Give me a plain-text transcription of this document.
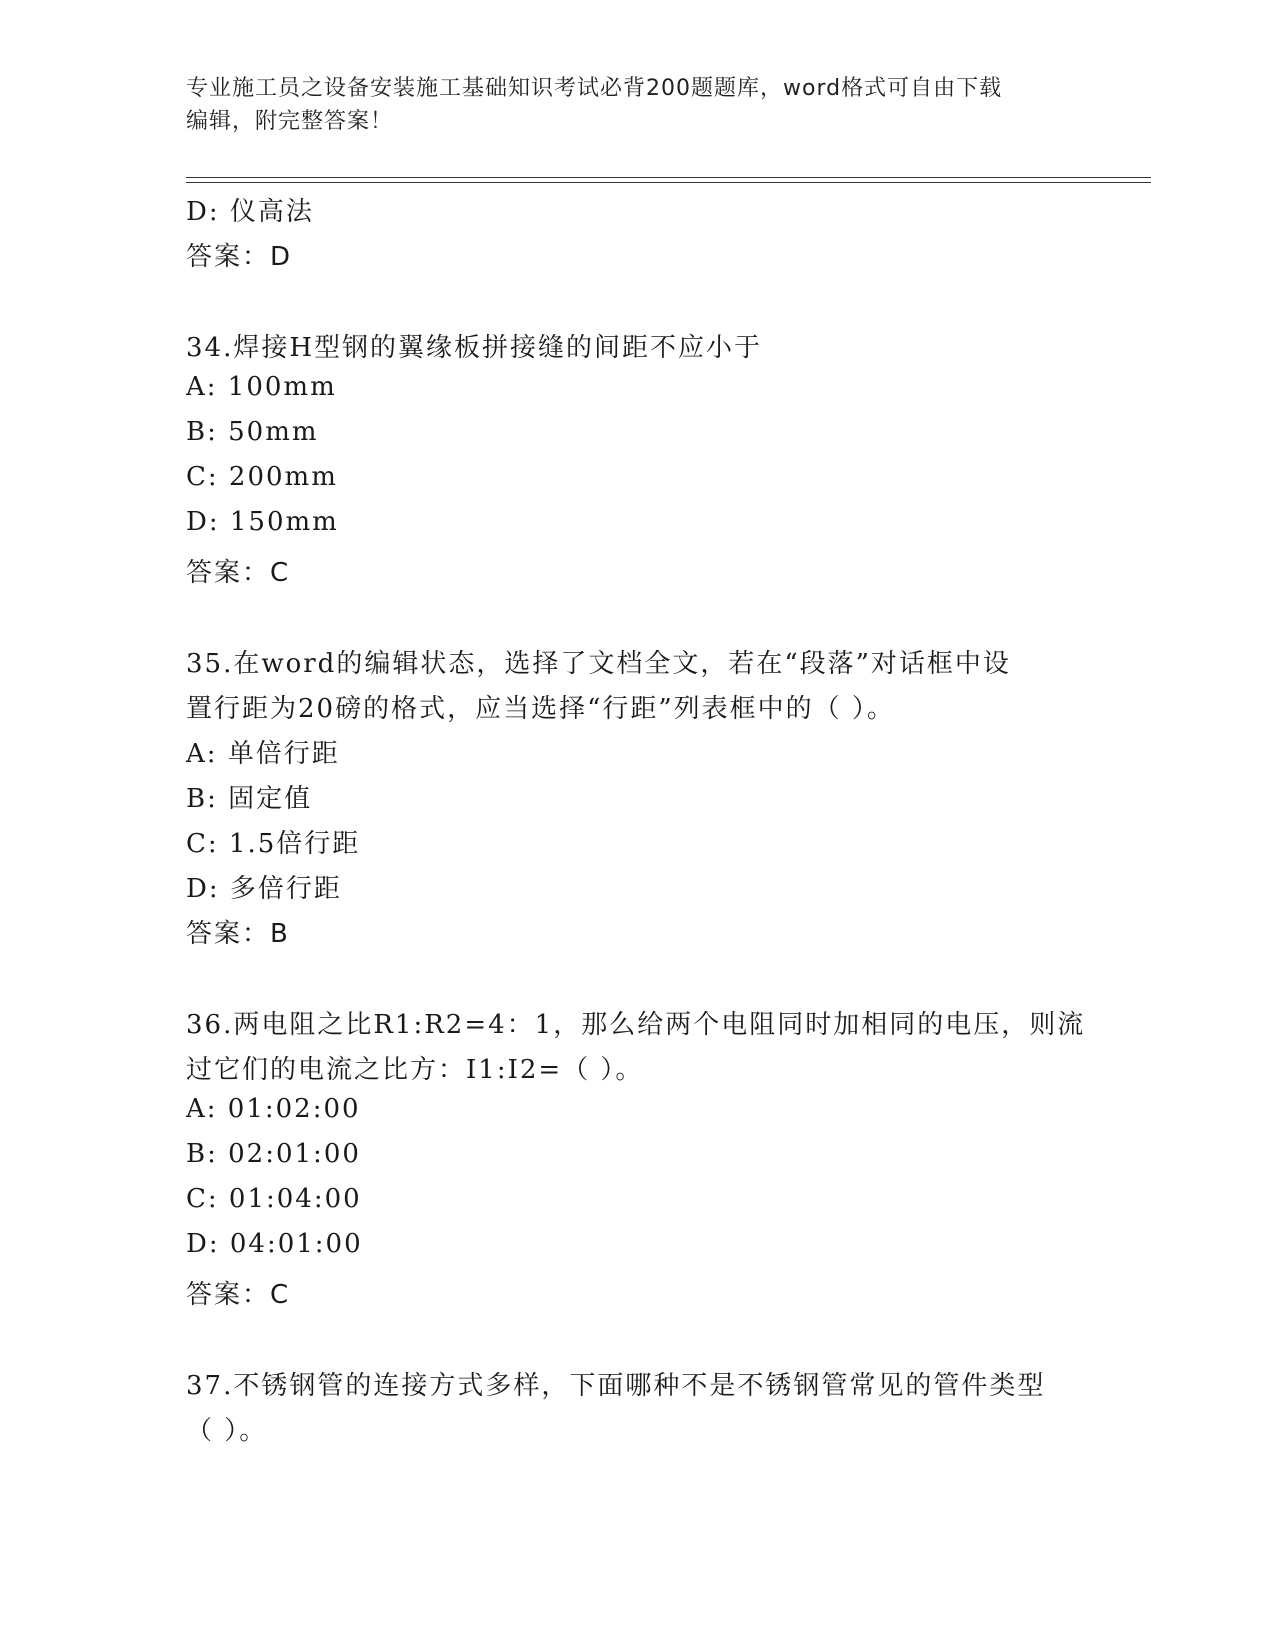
专业施工员之设备安装施工基础知识考试必背200题题库，word格式可自由下载
编辑，附完整答案！
D: 仪高法
答案：D
34.焊接H型钢的翼缘板拼接缝的间距不应小于
A: 100mm
B: 50mm
C: 200mm
D: 150mm
答案：C
35.在word的编辑状态，选择了文档全文，若在“段落”对话框中设
置行距为20磅的格式，应当选择“行距”列表框中的（ ）。
A: 单倍行距
B: 固定值
C: 1.5倍行距
D: 多倍行距
答案：B
36.两电阻之比R1:R2=4：1，那么给两个电阻同时加相同的电压，则流
过它们的电流之比方：I1:I2=（ ）。
A: 01:02:00
B: 02:01:00
C: 01:04:00
D: 04:01:00
答案：C
37.不锈钢管的连接方式多样，下面哪种不是不锈钢管常见的管件类型
（ ）。
